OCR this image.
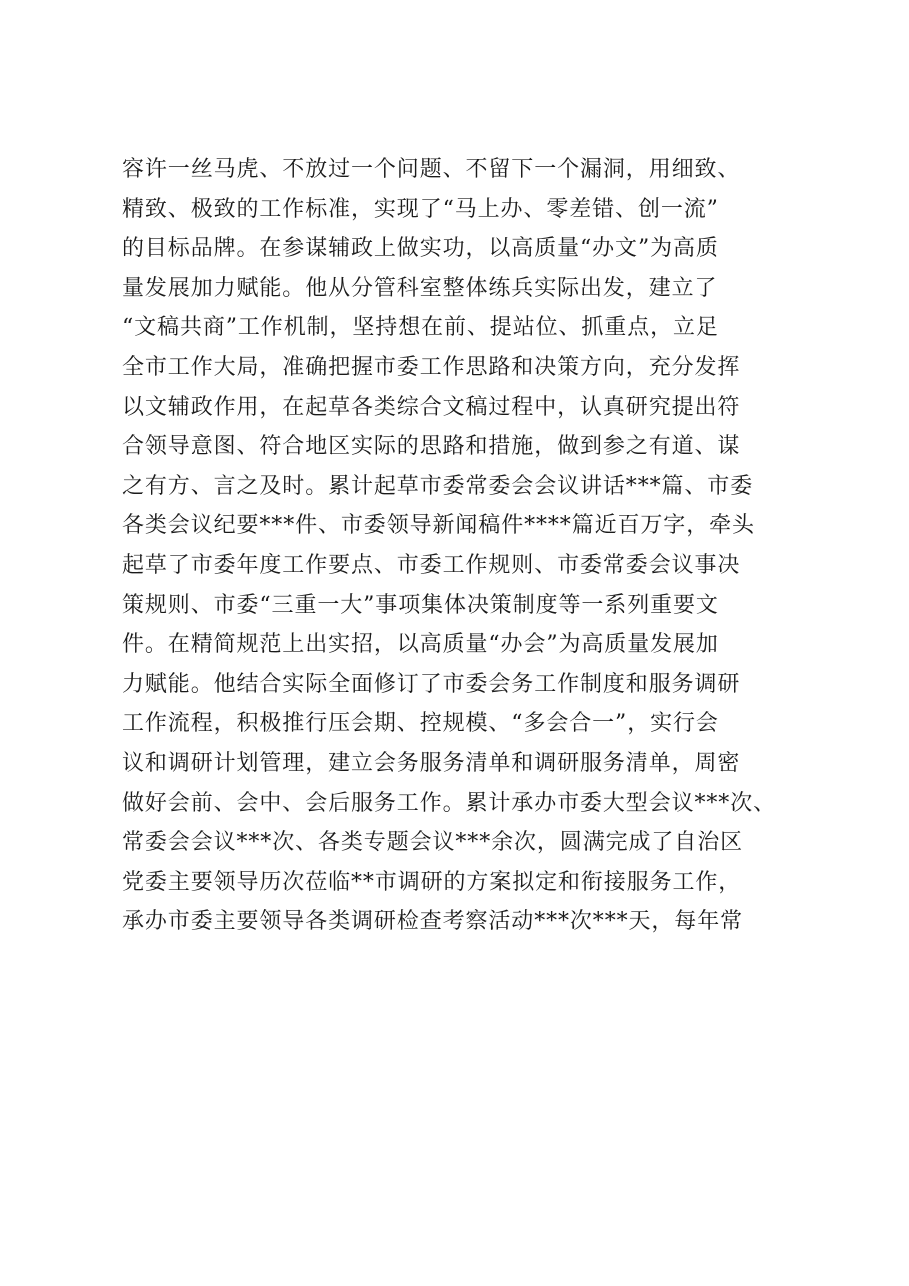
容许一丝马虎、不放过一个问题、不留下一个漏洞，用细致、
精致、极致的工作标准，实现了“马上办、零差错、创一流”
的目标品牌。在参谋辅政上做实功，以高质量“办文”为高质
量发展加力赋能。他从分管科室整体练兵实际出发，建立了
“文稿共商”工作机制，坚持想在前、提站位、抓重点，立足
全市工作大局，准确把握市委工作思路和决策方向，充分发挥
以文辅政作用，在起草各类综合文稿过程中，认真研究提出符
合领导意图、符合地区实际的思路和措施，做到参之有道、谋
之有方、言之及时。累计起草市委常委会会议讲话***篇、市委
各类会议纪要***件、市委领导新闻稿件****篇近百万字，牵头
起草了市委年度工作要点、市委工作规则、市委常委会议事决
策规则、市委“三重一大”事项集体决策制度等一系列重要文
件。在精简规范上出实招，以高质量“办会”为高质量发展加
力赋能。他结合实际全面修订了市委会务工作制度和服务调研
工作流程，积极推行压会期、控规模、“多会合一”，实行会
议和调研计划管理，建立会务服务清单和调研服务清单，周密
做好会前、会中、会后服务工作。累计承办市委大型会议***次、
常委会会议***次、各类专题会议***余次，圆满完成了自治区
党委主要领导历次莅临**市调研的方案拟定和衔接服务工作，
承办市委主要领导各类调研检查考察活动***次***天，每年常
